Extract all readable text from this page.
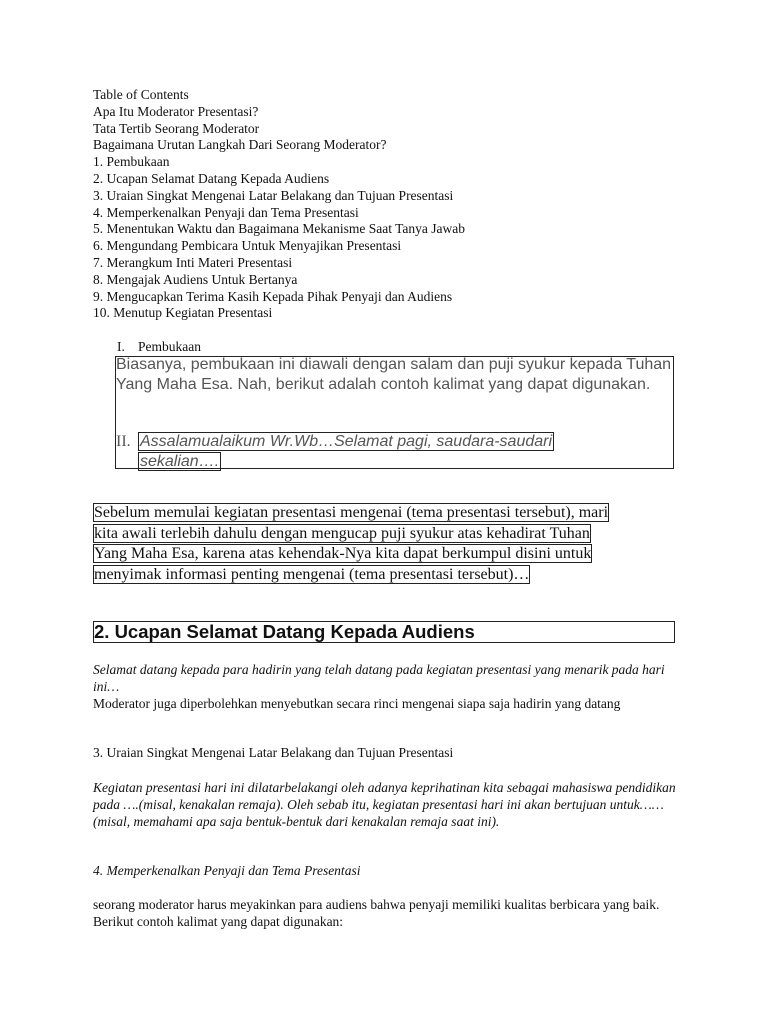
Table of Contents
Apa Itu Moderator Presentasi?
Tata Tertib Seorang Moderator
Bagaimana Urutan Langkah Dari Seorang Moderator?
1. Pembukaan
2. Ucapan Selamat Datang Kepada Audiens
3. Uraian Singkat Mengenai Latar Belakang dan Tujuan Presentasi
4. Memperkenalkan Penyaji dan Tema Presentasi
5. Menentukan Waktu dan Bagaimana Mekanisme Saat Tanya Jawab
6. Mengundang Pembicara Untuk Menyajikan Presentasi
7. Merangkum Inti Materi Presentasi
8. Mengajak Audiens Untuk Bertanya
9. Mengucapkan Terima Kasih Kepada Pihak Penyaji dan Audiens
10. Menutup Kegiatan Presentasi
I. Pembukaan
Biasanya, pembukaan ini diawali dengan salam dan puji syukur kepada Tuhan Yang Maha Esa. Nah, berikut adalah contoh kalimat yang dapat digunakan.
II. Assalamualaikum Wr.Wb…Selamat pagi, saudara-saudari
sekalian….
Sebelum memulai kegiatan presentasi mengenai (tema presentasi tersebut), mari
kita awali terlebih dahulu dengan mengucap puji syukur atas kehadirat Tuhan
Yang Maha Esa, karena atas kehendak-Nya kita dapat berkumpul disini untuk
menyimak informasi penting mengenai (tema presentasi tersebut)…
2. Ucapan Selamat Datang Kepada Audiens
Selamat datang kepada para hadirin yang telah datang pada kegiatan presentasi yang menarik pada hari ini…
Moderator juga diperbolehkan menyebutkan secara rinci mengenai siapa saja hadirin yang datang
3. Uraian Singkat Mengenai Latar Belakang dan Tujuan Presentasi
Kegiatan presentasi hari ini dilatarbelakangi oleh adanya keprihatinan kita sebagai mahasiswa pendidikan pada ….(misal, kenakalan remaja). Oleh sebab itu, kegiatan presentasi hari ini akan bertujuan untuk…… (misal, memahami apa saja bentuk-bentuk dari kenakalan remaja saat ini).
4. Memperkenalkan Penyaji dan Tema Presentasi
seorang moderator harus meyakinkan para audiens bahwa penyaji memiliki kualitas berbicara yang baik. Berikut contoh kalimat yang dapat digunakan:
